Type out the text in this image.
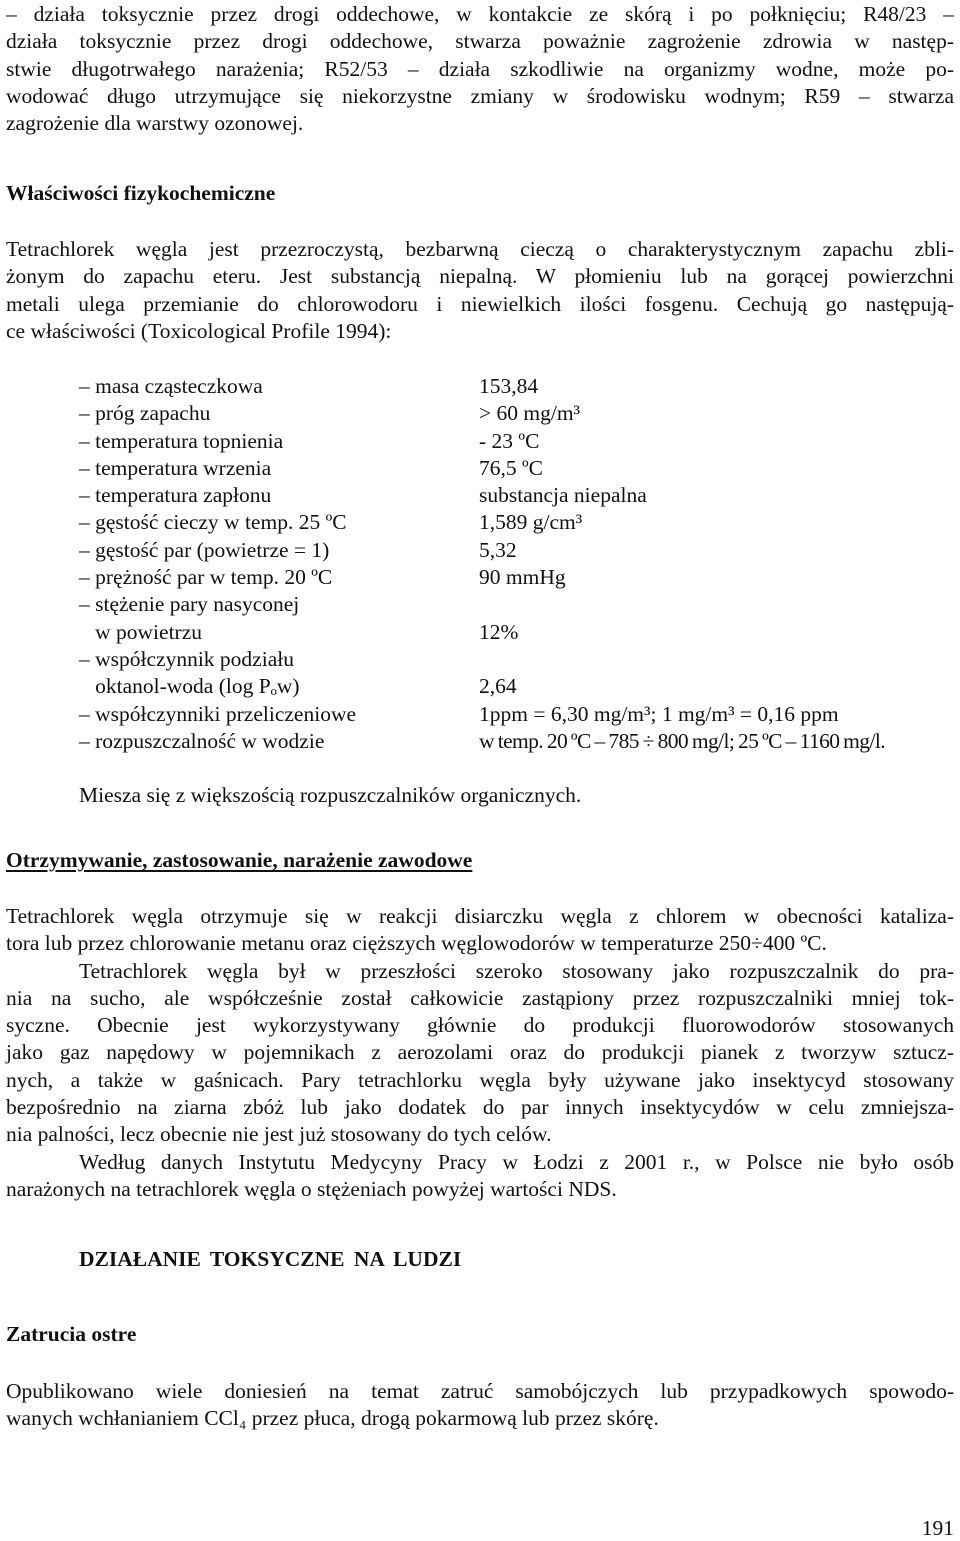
– działa toksycznie przez drogi oddechowe, w kontakcie ze skórą i po połknięciu; R48/23 –
działa toksycznie przez drogi oddechowe, stwarza poważnie zagrożenie zdrowia w następ-
stwie długotrwałego narażenia; R52/53 – działa szkodliwie na organizmy wodne, może po-
wodować długo utrzymujące się niekorzystne zmiany w środowisku wodnym; R59 – stwarza
zagrożenie dla warstwy ozonowej.
Właściwości fizykochemiczne
Tetrachlorek węgla jest przezroczystą, bezbarwną cieczą o charakterystycznym zapachu zbli-
żonym do zapachu eteru. Jest substancją niepalną. W płomieniu lub na gorącej powierzchni
metali ulega przemianie do chlorowodoru i niewielkich ilości fosgenu. Cechują go następują-
ce właściwości (Toxicological Profile 1994):
– masa cząsteczkowa	153,84
– próg zapachu	> 60 mg/m³
– temperatura topnienia	- 23 ºC
– temperatura wrzenia	76,5 ºC
– temperatura zapłonu	substancja niepalna
– gęstość cieczy w temp. 25 ºC	1,589 g/cm³
– gęstość par (powietrze = 1)	5,32
– prężność par w temp. 20 ºC	90 mmHg
– stężenie pary nasyconej
w powietrzu	12%
– współczynnik podziału
oktanol-woda (log Pₒᴡ)	2,64
– współczynniki przeliczeniowe	1ppm = 6,30 mg/m³; 1 mg/m³ = 0,16 ppm
– rozpuszczalność w wodzie	w temp. 20 ºC – 785 ÷ 800 mg/l; 25 ºC – 1160 mg/l.
Miesza się z większością rozpuszczalników organicznych.
Otrzymywanie, zastosowanie, narażenie zawodowe
Tetrachlorek węgla otrzymuje się w reakcji disiarczku węgla z chlorem w obecności kataliza-
tora lub przez chlorowanie metanu oraz cięższych węglowodorów w temperaturze 250÷400 ºC.
Tetrachlorek węgla był w przeszłości szeroko stosowany jako rozpuszczalnik do pra-
nia na sucho, ale współcześnie został całkowicie zastąpiony przez rozpuszczalniki mniej tok-
syczne. Obecnie jest wykorzystywany głównie do produkcji fluorowodorów stosowanych
jako gaz napędowy w pojemnikach z aerozolami oraz do produkcji pianek z tworzyw sztucz-
nych, a także w gaśnicach. Pary tetrachlorku węgla były używane jako insektycyd stosowany
bezpośrednio na ziarna zbóż lub jako dodatek do par innych insektycydów w celu zmniejsza-
nia palności, lecz obecnie nie jest już stosowany do tych celów.
Według danych Instytutu Medycyny Pracy w Łodzi z 2001 r., w Polsce nie było osób
narażonych na tetrachlorek węgla o stężeniach powyżej wartości NDS.
DZIAŁANIE TOKSYCZNE NA LUDZI
Zatrucia ostre
Opublikowano wiele doniesień na temat zatruć samobójczych lub przypadkowych spowodo-
wanych wchłanianiem CCl₄ przez płuca, drogą pokarmową lub przez skórę.
191
